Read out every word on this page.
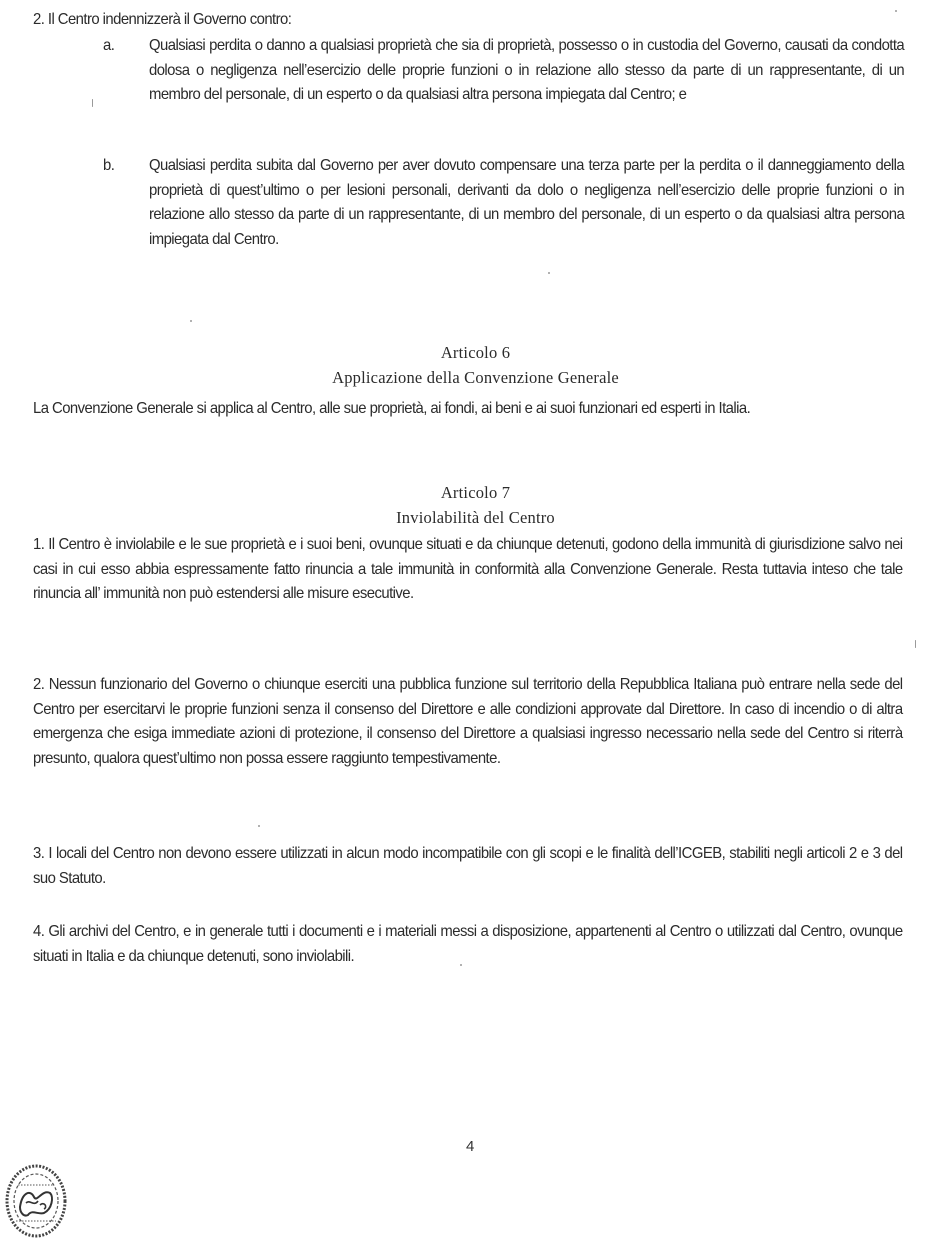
2. Il Centro indennizzerà il Governo contro:
a. Qualsiasi perdita o danno a qualsiasi proprietà che sia di proprietà, possesso o in custodia del Governo, causati da condotta dolosa o negligenza nell’esercizio delle proprie funzioni o in relazione allo stesso da parte di un rappresentante, di un membro del personale, di un esperto o da qualsiasi altra persona impiegata dal Centro; e
b. Qualsiasi perdita subita dal Governo per aver dovuto compensare una terza parte per la perdita o il danneggiamento della proprietà di quest’ultimo o per lesioni personali, derivanti da dolo o negligenza nell’esercizio delle proprie funzioni o in relazione allo stesso da parte di un rappresentante, di un membro del personale, di un esperto o da qualsiasi altra persona impiegata dal Centro.
Articolo 6
Applicazione della Convenzione Generale
La Convenzione Generale si applica al Centro, alle sue proprietà, ai fondi, ai beni e ai suoi funzionari ed esperti in Italia.
Articolo 7
Inviolabilità del Centro
1. Il Centro è inviolabile e le sue proprietà e i suoi beni, ovunque situati e da chiunque detenuti, godono della immunità di giurisdizione salvo nei casi in cui esso abbia espressamente fatto rinuncia a tale immunità in conformità alla Convenzione Generale. Resta tuttavia inteso che tale rinuncia all’ immunità non può estendersi alle misure esecutive.
2. Nessun funzionario del Governo o chiunque eserciti una pubblica funzione sul territorio della Repubblica Italiana può entrare nella sede del Centro per esercitarvi le proprie funzioni senza il consenso del Direttore e alle condizioni approvate dal Direttore. In caso di incendio o di altra emergenza che esiga immediate azioni di protezione, il consenso del Direttore a qualsiasi ingresso necessario nella sede del Centro si riterrà presunto, qualora quest’ultimo non possa essere raggiunto tempestivamente.
3. I locali del Centro non devono essere utilizzati in alcun modo incompatibile con gli scopi e le finalità dell’ICGEB, stabiliti negli articoli 2 e 3 del suo Statuto.
4. Gli archivi del Centro, e in generale tutti i documenti e i materiali messi a disposizione, appartenenti al Centro o utilizzati dal Centro, ovunque situati in Italia e da chiunque detenuti, sono inviolabili.
4
